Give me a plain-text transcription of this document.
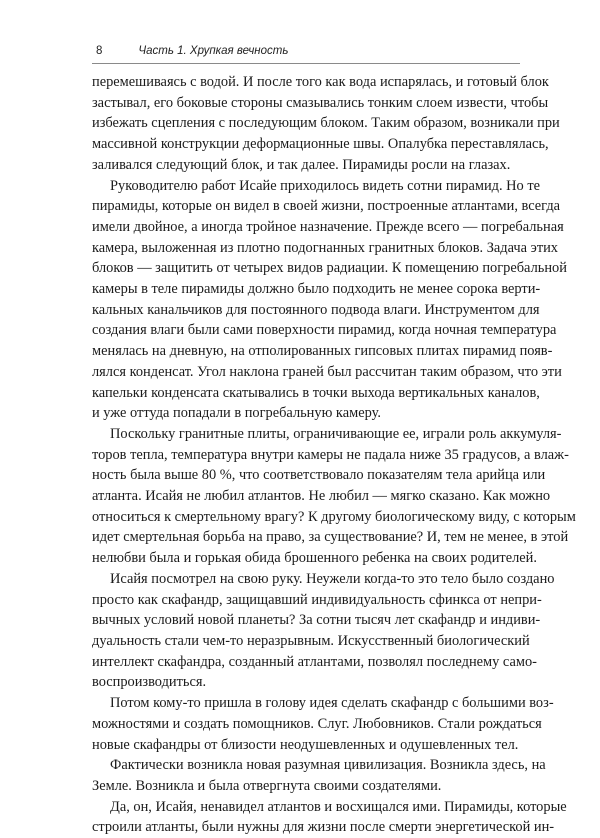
8	Часть 1. Хрупкая вечность

перемешиваясь с водой. И после того как вода испарялась, и готовый блок
застывал, его боковые стороны смазывались тонким слоем извести, чтобы
избежать сцепления с последующим блоком. Таким образом, возникали при
массивной конструкции деформационные швы. Опалубка переставлялась,
заливался следующий блок, и так далее. Пирамиды росли на глазах.

Руководителю работ Исайе приходилось видеть сотни пирамид. Но те
пирамиды, которые он видел в своей жизни, построенные атлантами, всегда
имели двойное, а иногда тройное назначение. Прежде всего — погребальная
камера, выложенная из плотно подогнанных гранитных блоков. Задача этих
блоков — защитить от четырех видов радиации. К помещению погребальной
камеры в теле пирамиды должно было подходить не менее сорока верти-
кальных канальчиков для постоянного подвода влаги. Инструментом для
создания влаги были сами поверхности пирамид, когда ночная температура
менялась на дневную, на отполированных гипсовых плитах пирамид появ-
лялся конденсат. Угол наклона граней был рассчитан таким образом, что эти
капельки конденсата скатывались в точки выхода вертикальных каналов,
и уже оттуда попадали в погребальную камеру.

Поскольку гранитные плиты, ограничивающие ее, играли роль аккумуля-
торов тепла, температура внутри камеры не падала ниже 35 градусов, а влаж-
ность была выше 80 %, что соответствовало показателям тела арийца или
атланта. Исайя не любил атлантов. Не любил — мягко сказано. Как можно
относиться к смертельному врагу? К другому биологическому виду, с которым
идет смертельная борьба на право, за существование? И, тем не менее, в этой
нелюбви была и горькая обида брошенного ребенка на своих родителей.

Исайя посмотрел на свою руку. Неужели когда-то это тело было создано
просто как скафандр, защищавший индивидуальность сфинкса от непри-
вычных условий новой планеты? За сотни тысяч лет скафандр и индиви-
дуальность стали чем-то неразрывным. Искусственный биологический
интеллект скафандра, созданный атлантами, позволял последнему само-
воспроизводиться.

Потом кому-то пришла в голову идея сделать скафандр с большими воз-
можностями и создать помощников. Слуг. Любовников. Стали рождаться
новые скафандры от близости неодушевленных и одушевленных тел.

Фактически возникла новая разумная цивилизация. Возникла здесь, на
Земле. Возникла и была отвергнута своими создателями.

Да, он, Исайя, ненавидел атлантов и восхищался ими. Пирамиды, которые
строили атланты, были нужны для жизни после смерти энергетической ин-
